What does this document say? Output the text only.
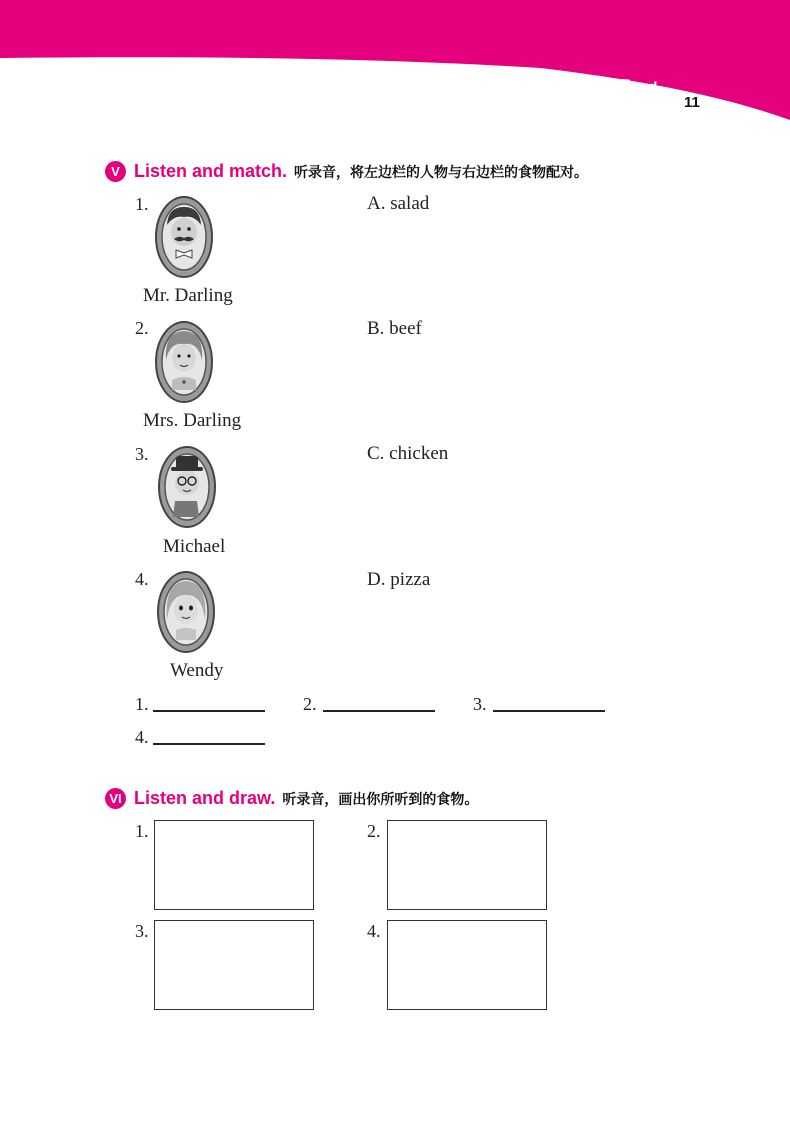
Unit 3 Everyday Food
11
V Listen and match. 听录音，将左边栏的人物与右边栏的食物配对。
1.
Mr. Darling
2.
Mrs. Darling
3.
Michael
4.
Wendy
A. salad
B. beef
C. chicken
D. pizza
1.	2.	3.
4.
VI Listen and draw. 听录音，画出你所听到的食物。
1.	2.
3.	4.
